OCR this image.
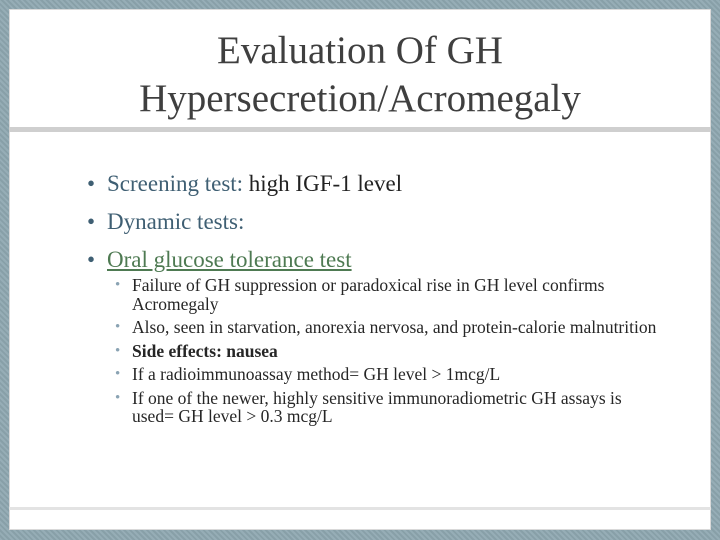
Evaluation Of GH
Hypersecretion/Acromegaly
• Screening test: high IGF-1 level
• Dynamic tests:
• Oral glucose tolerance test
• Failure of GH suppression or paradoxical rise in GH level confirms Acromegaly
• Also, seen in starvation, anorexia nervosa, and protein-calorie malnutrition
• Side effects: nausea
• If a radioimmunoassay method= GH level > 1mcg/L
• If one of the newer, highly sensitive immunoradiometric GH assays is used= GH level > 0.3 mcg/L
